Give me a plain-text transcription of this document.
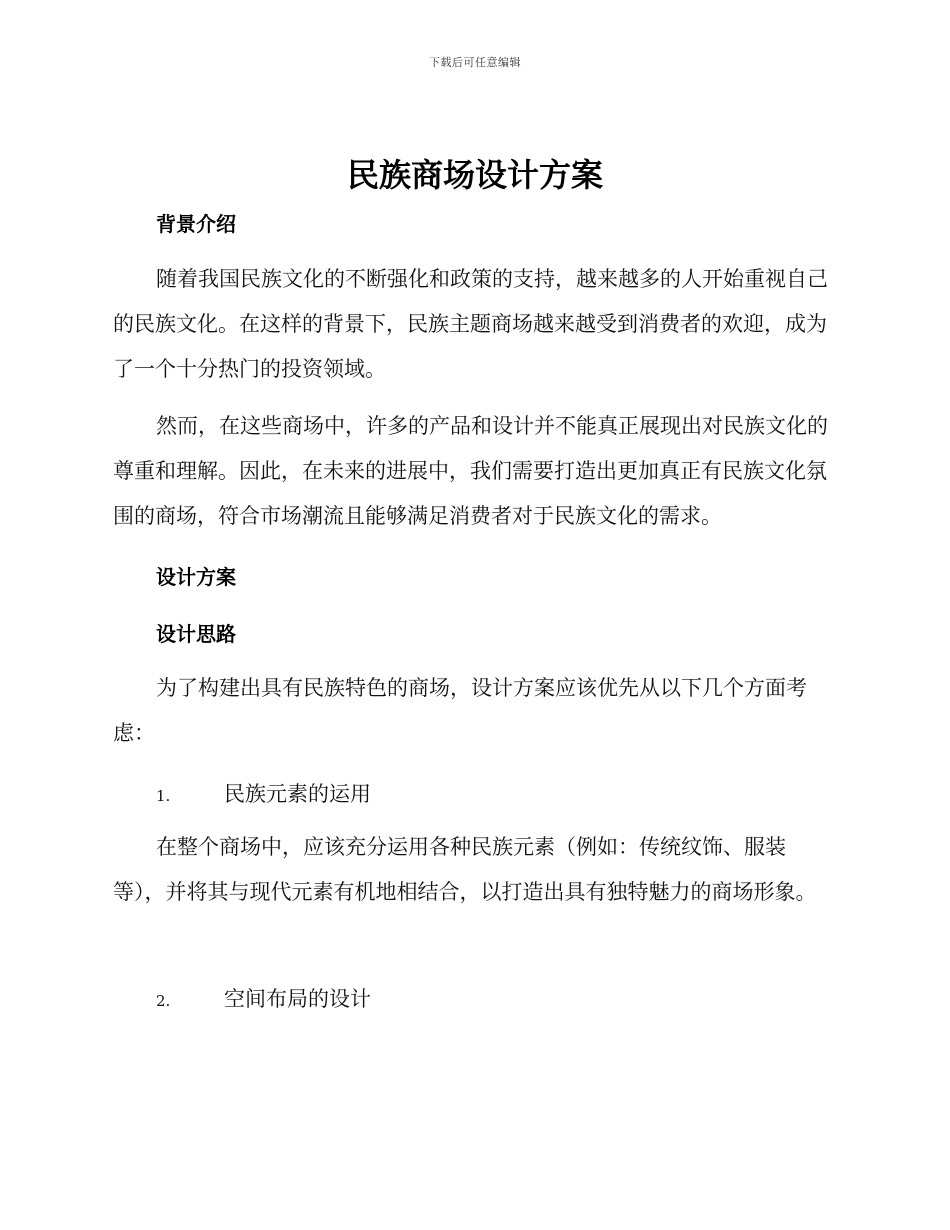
下载后可任意编辑
民族商场设计方案
背景介绍

随着我国民族文化的不断强化和政策的支持，越来越多的人开始重视自己的民族文化。在这样的背景下，民族主题商场越来越受到消费者的欢迎，成为了一个十分热门的投资领域。

然而，在这些商场中，许多的产品和设计并不能真正展现出对民族文化的尊重和理解。因此，在未来的进展中，我们需要打造出更加真正有民族文化氛围的商场，符合市场潮流且能够满足消费者对于民族文化的需求。

设计方案
设计思路

为了构建出具有民族特色的商场，设计方案应该优先从以下几个方面考虑：

1.	民族元素的运用

在整个商场中，应该充分运用各种民族元素（例如：传统纹饰、服装等），并将其与现代元素有机地相结合，以打造出具有独特魅力的商场形象。

2.	空间布局的设计
